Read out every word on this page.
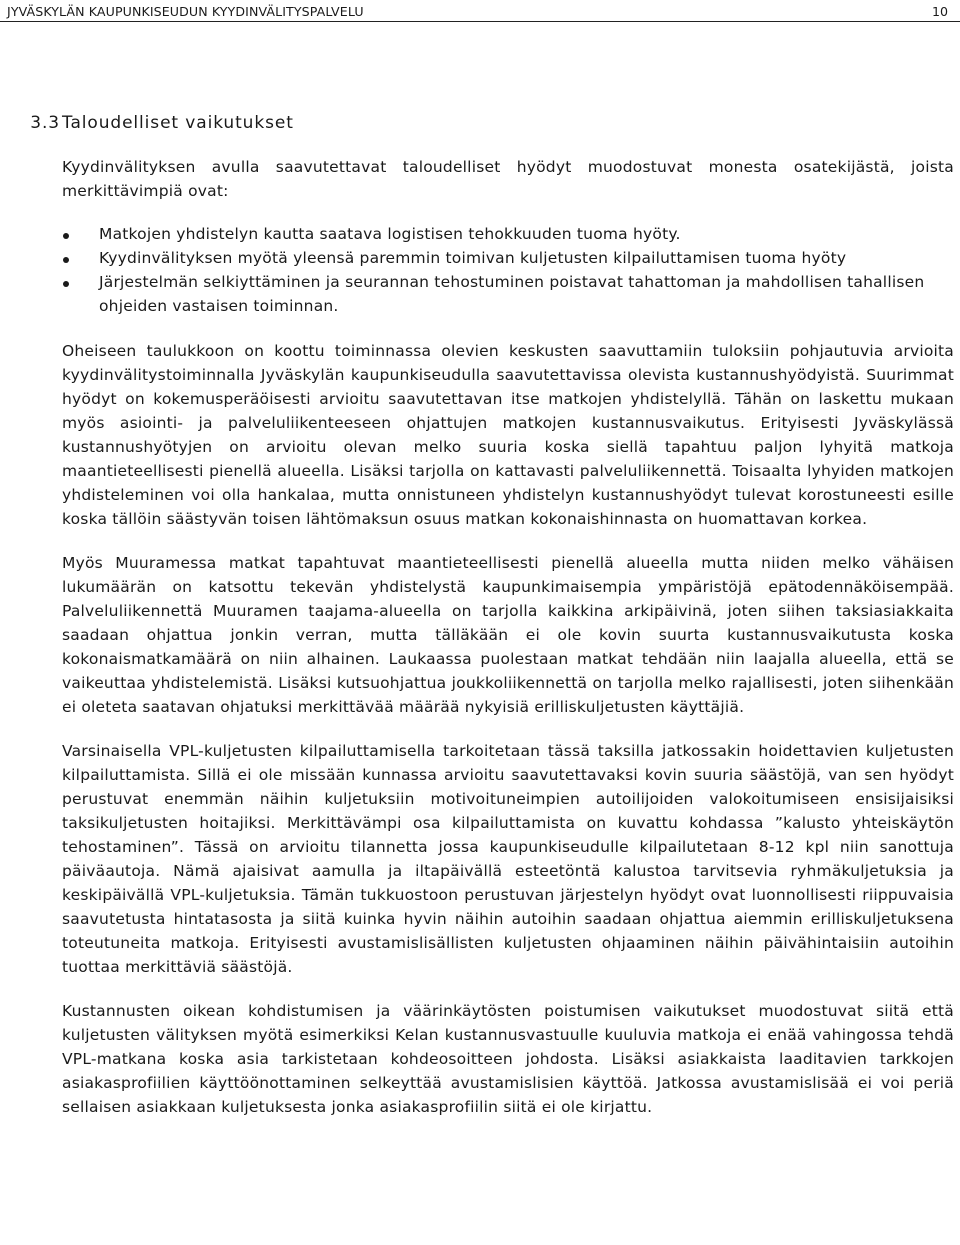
JYVÄSKYLÄN KAUPUNKISEUDUN KYYDINVÄLITYSPALVELU	10
3.3 Taloudelliset vaikutukset

Kyydinvälityksen avulla saavutettavat taloudelliset hyödyt muodostuvat monesta osatekijästä, joista merkittävimpiä ovat:

Matkojen yhdistelyn kautta saatava logistisen tehokkuuden tuoma hyöty.
Kyydinvälityksen myötä yleensä paremmin toimivan kuljetusten kilpailuttamisen tuoma hyöty
Järjestelmän selkiyttäminen ja seurannan tehostuminen poistavat tahattoman ja mahdollisen tahallisen ohjeiden vastaisen toiminnan.

Oheiseen taulukkoon on koottu toiminnassa olevien keskusten saavuttamiin tuloksiin pohjautuvia arvioita kyydinvälitystoiminnalla Jyväskylän kaupunkiseudulla saavutettavissa olevista kustannushyödyistä. Suurimmat hyödyt on kokemusperäöisesti arvioitu saavutettavan itse matkojen yhdistelyllä. Tähän on laskettu mukaan myös asiointi- ja palveluliikenteeseen ohjattujen matkojen kustannusvaikutus. Erityisesti Jyväskylässä kustannushyötyjen on arvioitu olevan melko suuria koska siellä tapahtuu paljon lyhyitä matkoja maantieteellisesti pienellä alueella. Lisäksi tarjolla on kattavasti palveluliikennettä. Toisaalta lyhyiden matkojen yhdisteleminen voi olla hankalaa, mutta onnistuneen yhdistelyn kustannushyödyt tulevat korostuneesti esille koska tällöin säästyvän toisen lähtömaksun osuus matkan kokonaishinnasta on huomattavan korkea.

Myös Muuramessa matkat tapahtuvat maantieteellisesti pienellä alueella mutta niiden melko vähäisen lukumäärän on katsottu tekevän yhdistelystä kaupunkimaisempia ympäristöjä epätodennäköisempää. Palveluliikennettä Muuramen taajama-alueella on tarjolla kaikkina arkipäivinä, joten siihen taksiasiakkaita saadaan ohjattua jonkin verran, mutta tälläkään ei ole kovin suurta kustannusvaikutusta koska kokonaismatkamäärä on niin alhainen. Laukaassa puolestaan matkat tehdään niin laajalla alueella, että se vaikeuttaa yhdistelemistä. Lisäksi kutsuohjattua joukkoliikennettä on tarjolla melko rajallisesti, joten siihenkään ei oleteta saatavan ohjatuksi merkittävää määrää nykyisiä erilliskuljetusten käyttäjiä.

Varsinaisella VPL-kuljetusten kilpailuttamisella tarkoitetaan tässä taksilla jatkossakin hoidettavien kuljetusten kilpailuttamista. Sillä ei ole missään kunnassa arvioitu saavutettavaksi kovin suuria säästöjä, van sen hyödyt perustuvat enemmän näihin kuljetuksiin motivoituneimpien autoilijoiden valokoitumiseen ensisijaisiksi taksikuljetusten hoitajiksi. Merkittävämpi osa kilpailuttamista on kuvattu kohdassa ”kalusto yhteiskäytön tehostaminen”. Tässä on arvioitu tilannetta jossa kaupunkiseudulle kilpailutetaan 8-12 kpl niin sanottuja päiväautoja. Nämä ajaisivat aamulla ja iltapäivällä esteetöntä kalustoa tarvitsevia ryhmäkuljetuksia ja keskipäivällä VPL-kuljetuksia. Tämän tukkuostoon perustuvan järjestelyn hyödyt ovat luonnollisesti riippuvaisia saavutetusta hintatasosta ja siitä kuinka hyvin näihin autoihin saadaan ohjattua aiemmin erilliskuljetuksena toteutuneita matkoja. Erityisesti avustamislisällisten kuljetusten ohjaaminen näihin päivähintaisiin autoihin tuottaa merkittäviä säästöjä.

Kustannusten oikean kohdistumisen ja väärinkäytösten poistumisen vaikutukset muodostuvat siitä että kuljetusten välityksen myötä esimerkiksi Kelan kustannusvastuulle kuuluvia matkoja ei enää vahingossa tehdä VPL-matkana koska asia tarkistetaan kohdeosoitteen johdosta. Lisäksi asiakkaista laaditavien tarkkojen asiakasprofiilien käyttöönottaminen selkeyttää avustamislisien käyttöä. Jatkossa avustamislisää ei voi periä sellaisen asiakkaan kuljetuksesta jonka asiakasprofiilin siitä ei ole kirjattu.
